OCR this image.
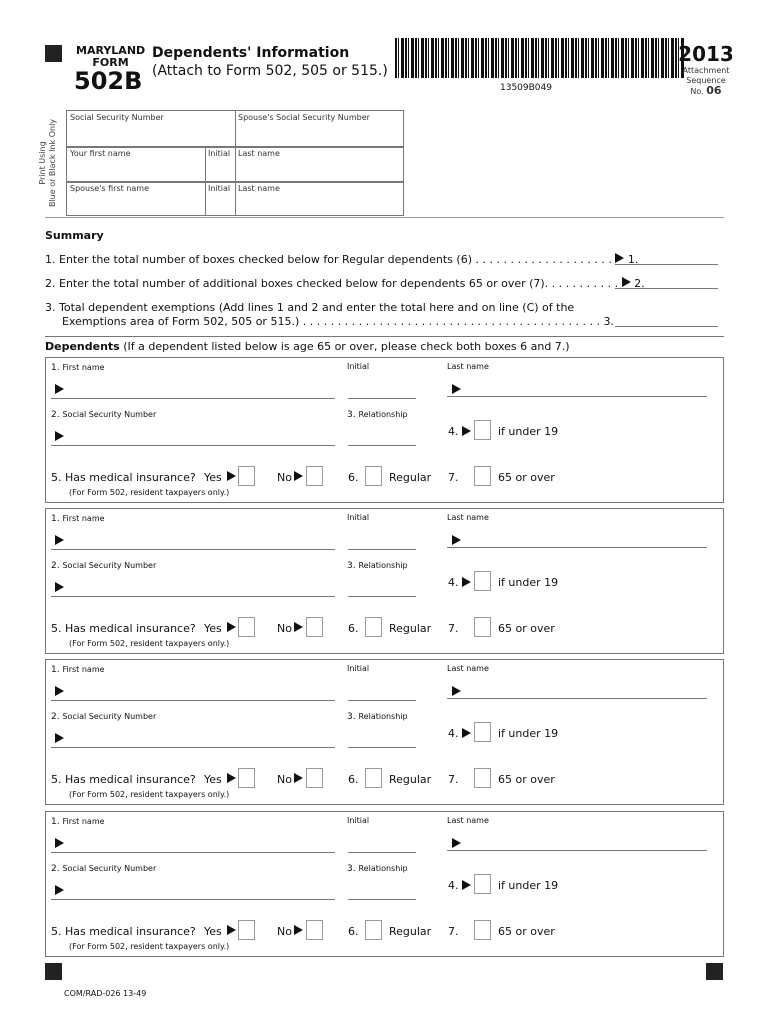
MARYLAND
FORM
502B
Dependents' Information
(Attach to Form 502, 505 or 515.)
13509B049
2013
Attachment
Sequence
No. 06
Print Using Blue or Black Ink Only
Social Security Number	Spouse's Social Security Number
Your first name	Initial Last name
Spouse's first name	Initial Last name
Summary
1. Enter the total number of boxes checked below for Regular dependents (6) . . . . . . . . . . . . . . . . . . . . 1.
2. Enter the total number of additional boxes checked below for dependents 65 or over (7). . . . . . . . . . . 2.
3. Total dependent exemptions (Add lines 1 and 2 and enter the total here and on line (C) of the
Exemptions area of Form 502, 505 or 515.) . . . . . . . . . . . . . . . . . . . . . . . . . . . . . . . . . . . . . . . . . . . 3.
Dependents (If a dependent listed below is age 65 or over, please check both boxes 6 and 7.)
1. First name	Initial	Last name
2. Social Security Number	3. Relationship
4.	if under 19
5. Has medical insurance? Yes	No
(For Form 502, resident taxpayers only.)
6.	Regular 7.	65 or over
1. First name	Initial	Last name
2. Social Security Number	3. Relationship
4.	if under 19
5. Has medical insurance? Yes	No
(For Form 502, resident taxpayers only.)
6.	Regular 7.	65 or over
1. First name	Initial	Last name
2. Social Security Number	3. Relationship
4.	if under 19
5. Has medical insurance? Yes	No
(For Form 502, resident taxpayers only.)
6.	Regular 7.	65 or over
1. First name	Initial	Last name
2. Social Security Number	3. Relationship
4.	if under 19
5. Has medical insurance? Yes	No
(For Form 502, resident taxpayers only.)
6.	Regular 7.	65 or over
COM/RAD-026 13-49
